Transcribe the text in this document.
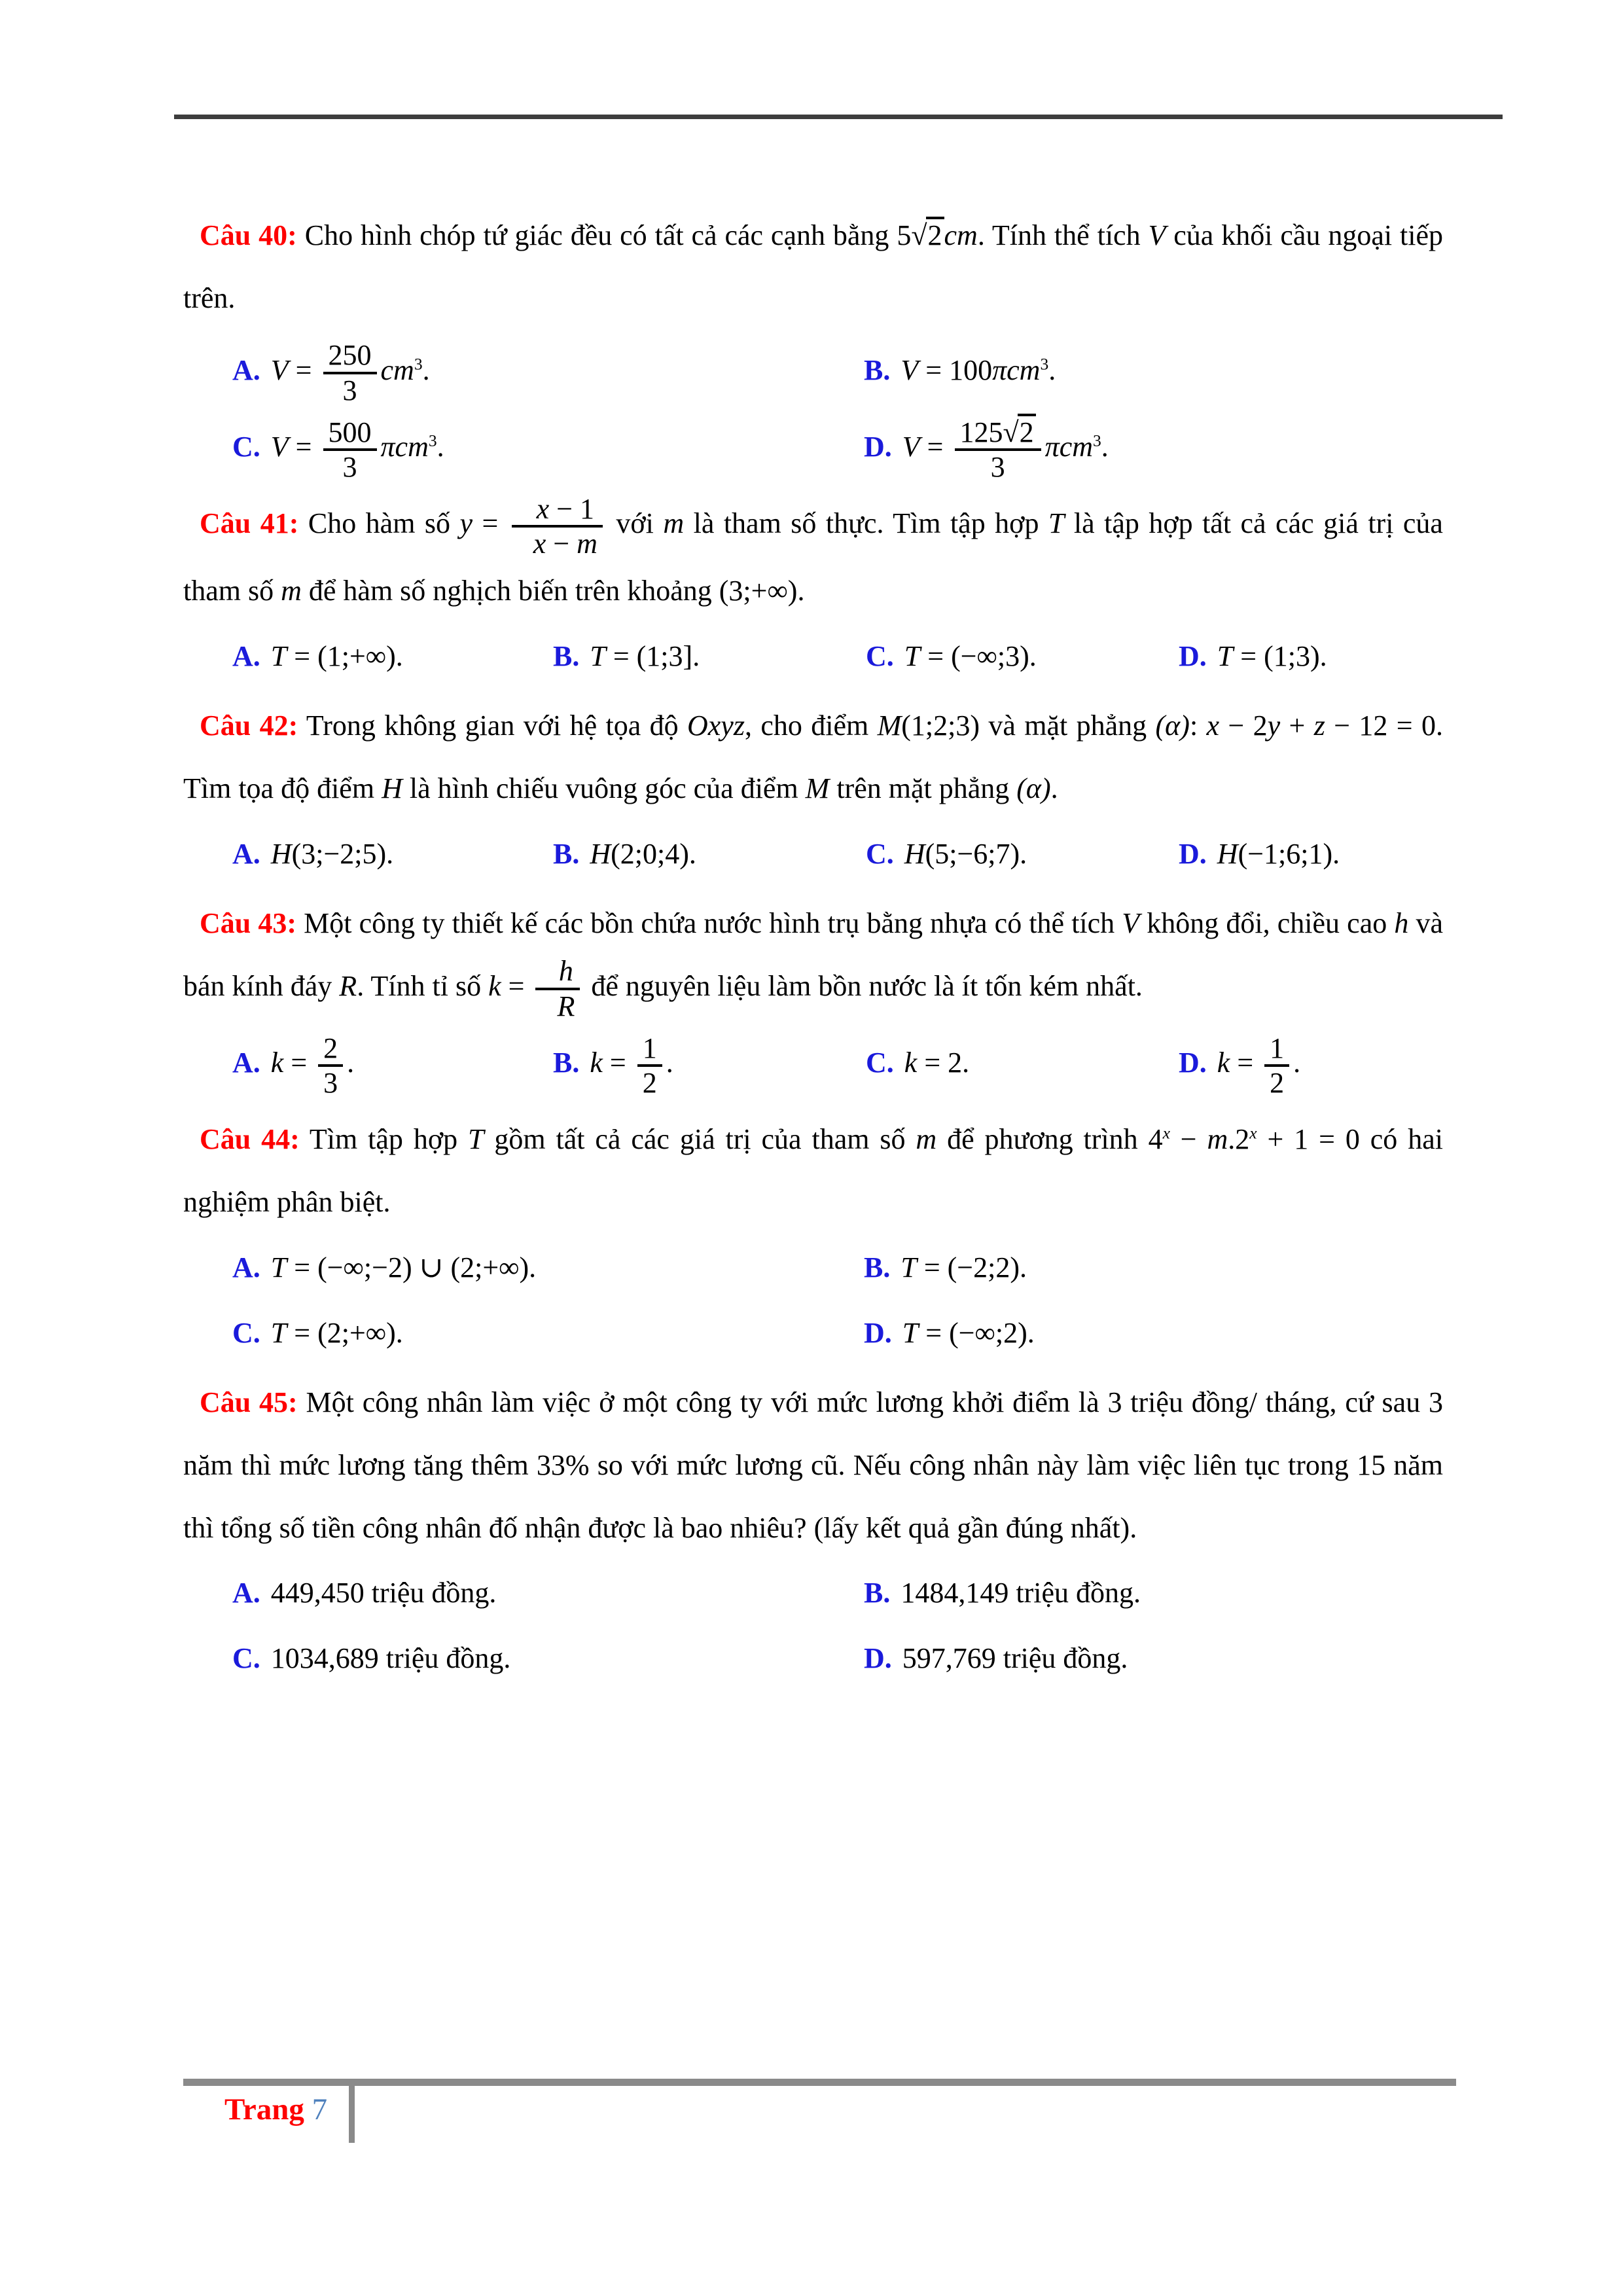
Câu 40: Cho hình chóp tứ giác đều có tất cả các cạnh bằng 5√2cm. Tính thể tích V của khối cầu ngoại tiếp trên.

A. $V = \frac{250}{3} cm^3$.	B. V = 100πcm$^3$.
C. $V = \frac{500}{3} \pi cm^3$.	D. $V = \frac{125√2}{3} \pi cm^3$.

Câu 41: Cho hàm số $y = \frac{x - 1}{x - m}$ với m là tham số thực. Tìm tập hợp T là tập hợp tất cả các giá trị của tham số m để hàm số nghịch biến trên khoảng (3;+∞).

A. T = (1;+∞).	B. T = (1;3].	C. T = (−∞;3).	D. T = (1;3).

Câu 42: Trong không gian với hệ tọa độ Oxyz, cho điểm M(1;2;3) và mặt phẳng (α): x − 2y + z − 12 = 0. Tìm tọa độ điểm H là hình chiếu vuông góc của điểm M trên mặt phẳng (α).

A. H(3;−2;5).	B. H(2;0;4).	C. H(5;−6;7).	D. H(−1;6;1).

Câu 43: Một công ty thiết kế các bồn chứa nước hình trụ bằng nhựa có thể tích V không đổi, chiều cao h và bán kính đáy R. Tính tỉ số $k = \frac{h}{R}$ để nguyên liệu làm bồn nước là ít tốn kém nhất.

A. $k = \frac{2}{3}$ .	B. $k = \frac{1}{2}$ .	C. k = 2.	D. $k = \frac{1}{2}$ .

Câu 44: Tìm tập hợp T gồm tất cả các giá trị của tham số m để phương trình $4^x - m.2^x + 1 = 0$ có hai nghiệm phân biệt.

A. T = (−∞;−2) ∪ (2;+∞).	B. T = (−2;2).
C. T = (2;+∞).	D. T = (−∞;2).

Câu 45: Một công nhân làm việc ở một công ty với mức lương khởi điểm là 3 triệu đồng/ tháng, cứ sau 3 năm thì mức lương tăng thêm 33% so với mức lương cũ. Nếu công nhân này làm việc liên tục trong 15 năm thì tổng số tiền công nhân đố nhận được là bao nhiêu? (lấy kết quả gần đúng nhất).

A. 449,450 triệu đồng.	B. 1484,149 triệu đồng.
C. 1034,689 triệu đồng.	D. 597,769 triệu đồng.
Trang 7
